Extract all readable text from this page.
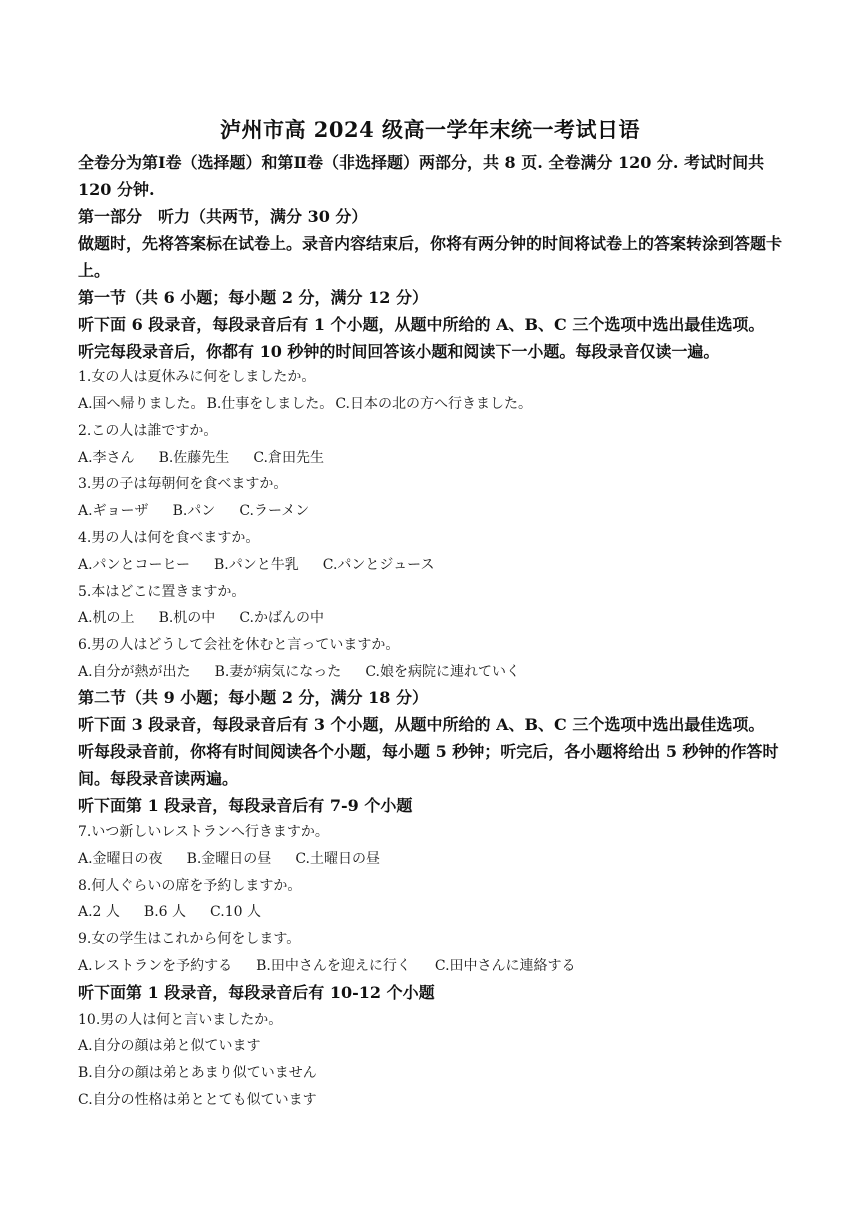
泸州市高 2024 级高一学年末统一考试日语
全卷分为第Ⅰ卷（选择题）和第Ⅱ卷（非选择题）两部分，共 8 页. 全卷满分 120 分. 考试时间共 120 分钟.
第一部分　听力（共两节，满分 30 分）
做题时，先将答案标在试卷上。录音内容结束后，你将有两分钟的时间将试卷上的答案转涂到答题卡上。
第一节（共 6 小题；每小题 2 分，满分 12 分）
听下面 6 段录音，每段录音后有 1 个小题，从题中所给的 A、B、C 三个选项中选出最佳选项。
听完每段录音后，你都有 10 秒钟的时间回答该小题和阅读下一小题。每段录音仅读一遍。
1.女の人は夏休みに何をしましたか。
A.国へ帰りました。 B.仕事をしました。 C.日本の北の方へ行きました。
2.この人は誰ですか。
A.李さん B.佐藤先生 C.倉田先生
3.男の子は毎朝何を食べますか。
A.ギョーザ B.パン C.ラーメン
4.男の人は何を食べますか。
A.パンとコーヒー B.パンと牛乳 C.パンとジュース
5.本はどこに置きますか。
A.机の上 B.机の中 C.かばんの中
6.男の人はどうして会社を休むと言っていますか。
A.自分が熱が出た B.妻が病気になった C.娘を病院に連れていく
第二节（共 9 小题；每小题 2 分，满分 18 分）
听下面 3 段录音，每段录音后有 3 个小题，从题中所给的 A、B、C 三个选项中选出最佳选项。
听每段录音前，你将有时间阅读各个小题，每小题 5 秒钟；听完后，各小题将给出 5 秒钟的作答时间。每段录音读两遍。
听下面第 1 段录音，每段录音后有 7-9 个小题
7.いつ新しいレストランへ行きますか。
A.金曜日の夜 B.金曜日の昼 C.土曜日の昼
8.何人ぐらいの席を予約しますか。
A.2 人 B.6 人 C.10 人
9.女の学生はこれから何をします。
A.レストランを予約する B.田中さんを迎えに行く C.田中さんに連絡する
听下面第 1 段录音，每段录音后有 10-12 个小题
10.男の人は何と言いましたか。
A.自分の顔は弟と似ています
B.自分の顔は弟とあまり似ていません
C.自分の性格は弟ととても似ています
